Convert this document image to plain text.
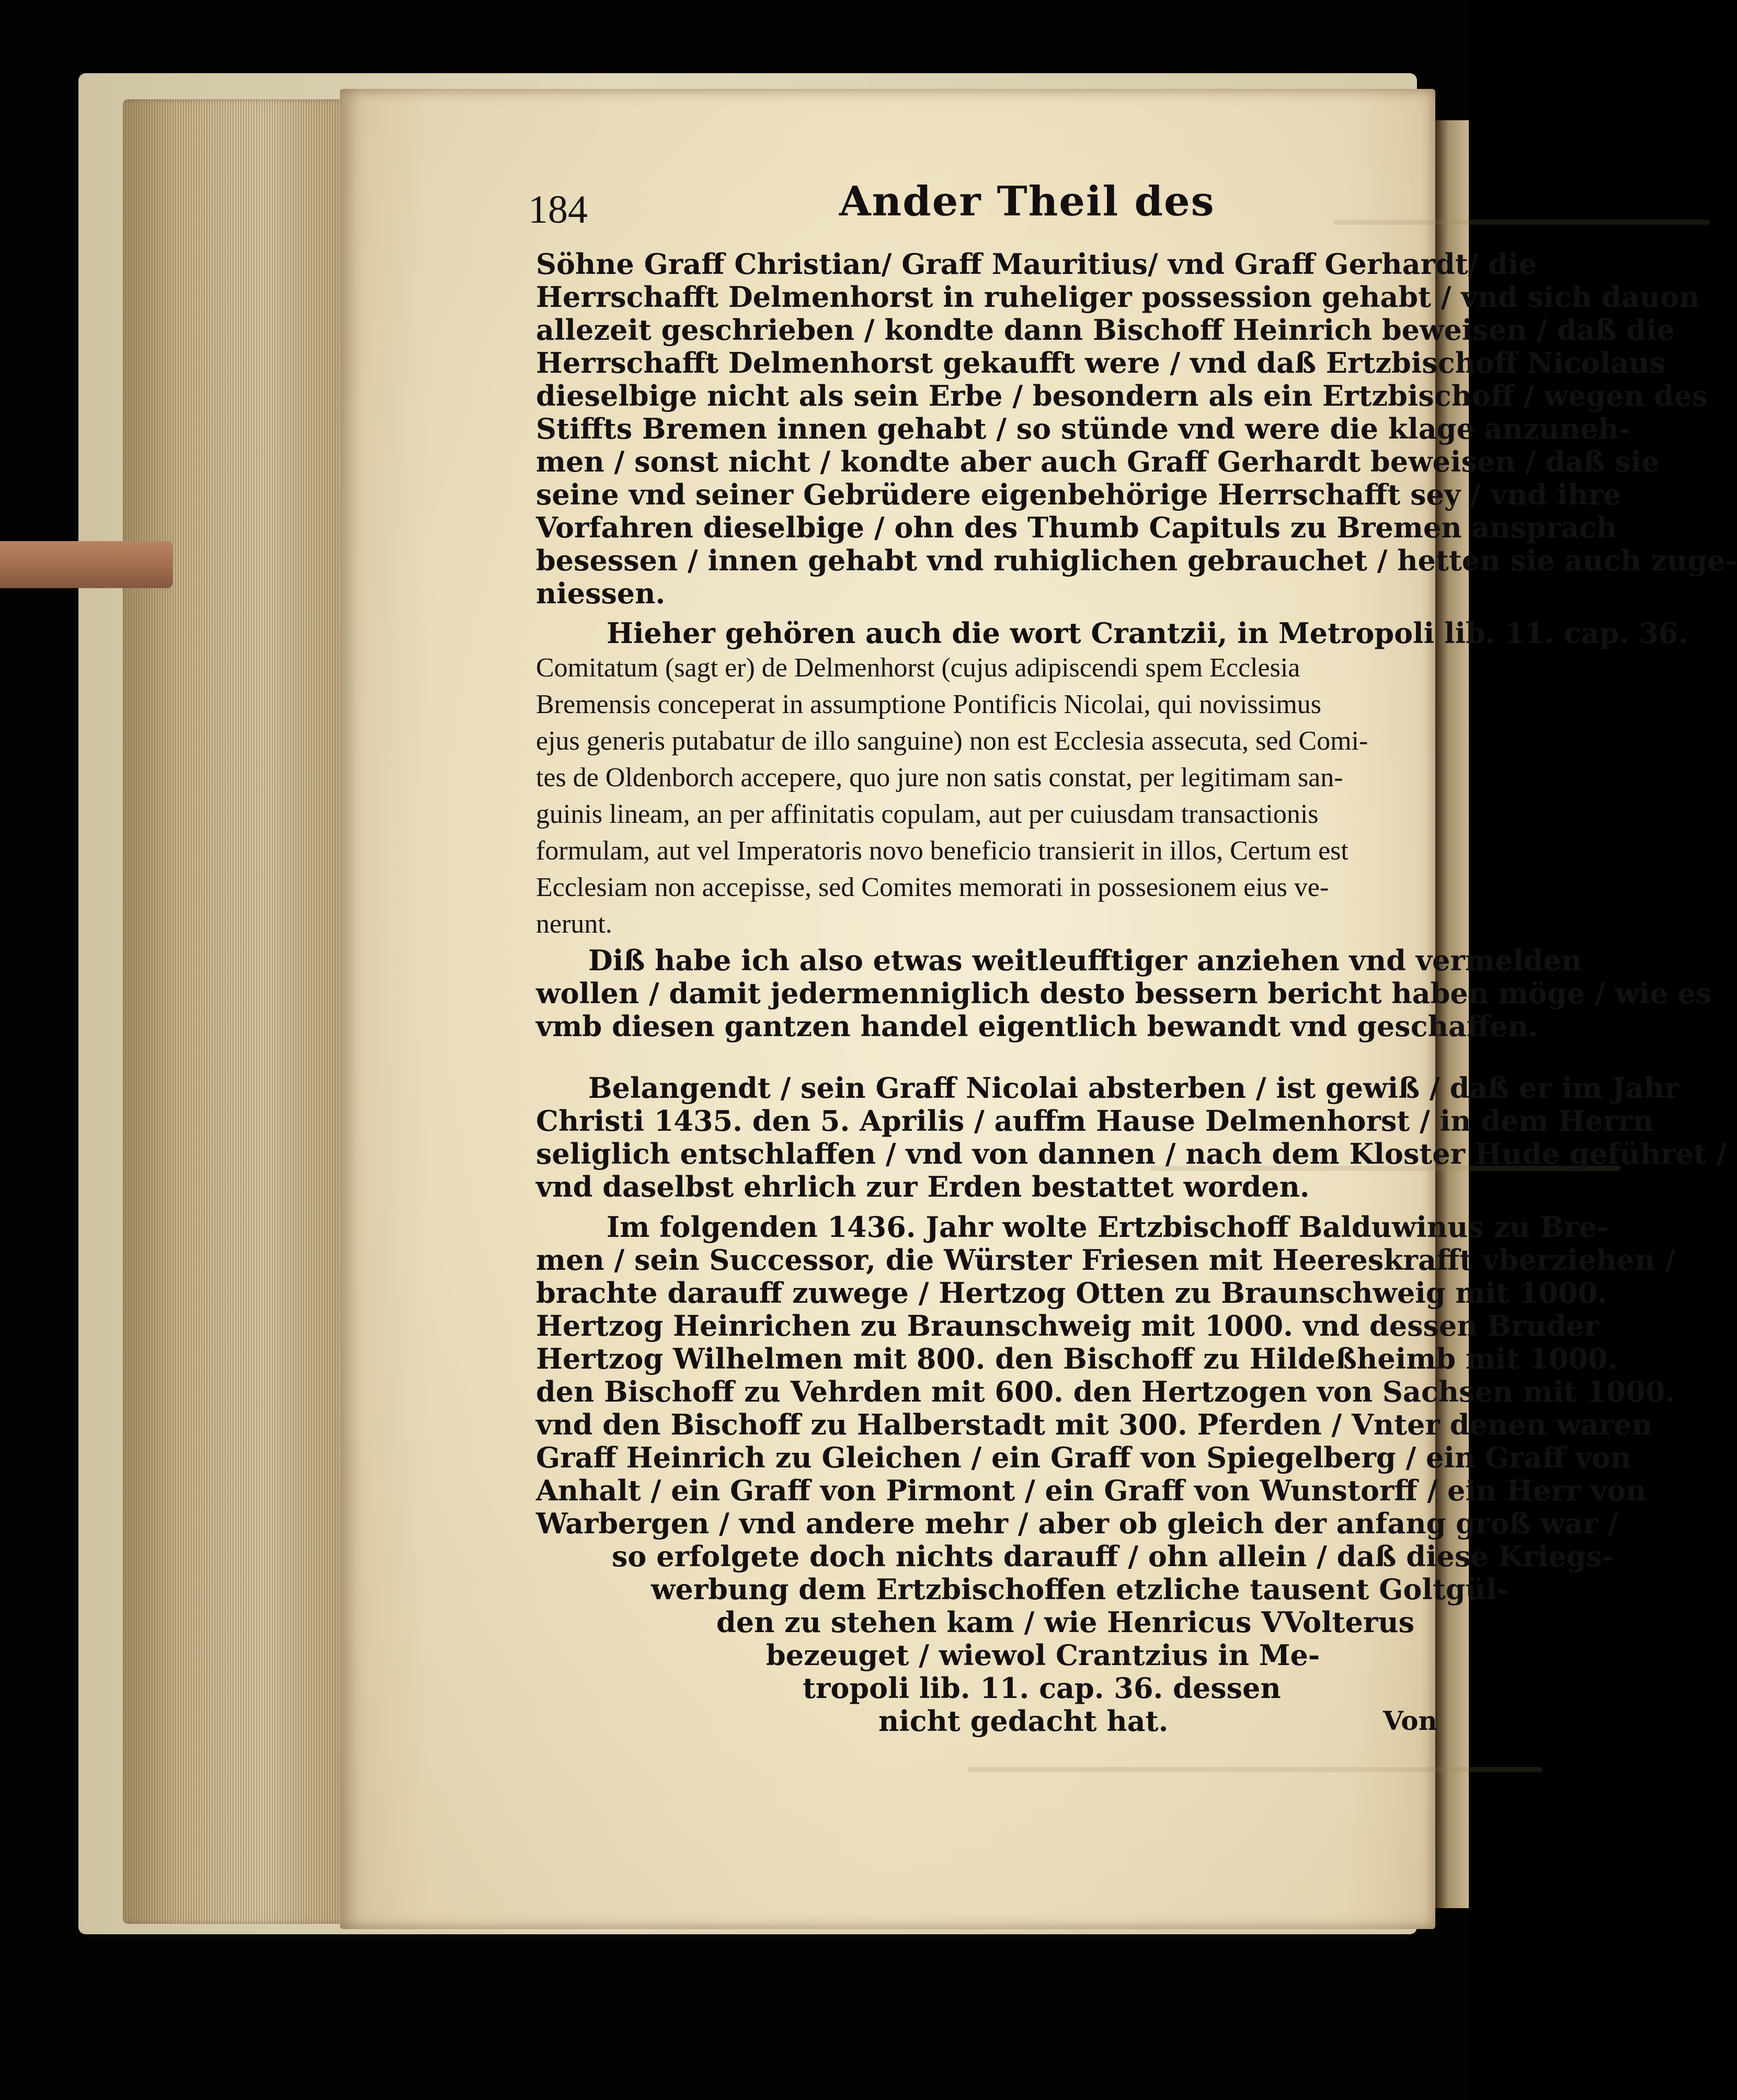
184	Ander Theil des
Söhne Graff Christian/ Graff Mauritius/ vnd Graff Gerhardt/ die
Herrschafft Delmenhorst in ruheliger possession gehabt / vnd sich dauon
allezeit geschrieben / kondte dann Bischoff Heinrich beweisen / daß die
Herrschafft Delmenhorst gekaufft were / vnd daß Ertzbischoff Nicolaus
dieselbige nicht als sein Erbe / besondern als ein Ertzbischoff / wegen des
Stiffts Bremen innen gehabt / so stünde vnd were die klage anzuneh-
men / sonst nicht / kondte aber auch Graff Gerhardt beweisen / daß sie
seine vnd seiner Gebrüdere eigenbehörige Herrschafft sey / vnd ihre
Vorfahren dieselbige / ohn des Thumb Capituls zu Bremen ansprach
besessen / innen gehabt vnd ruhiglichen gebrauchet / hetten sie auch zuge-
niessen.
Hieher gehören auch die wort Crantzii, in Metropoli lib. 11. cap. 36.
Comitatum (sagt er) de Delmenhorst (cujus adipiscendi spem Ecclesia
Bremensis conceperat in assumptione Pontificis Nicolai, qui novissimus
ejus generis putabatur de illo sanguine) non est Ecclesia assecuta, sed Comi-
tes de Oldenborch accepere, quo jure non satis constat, per legitimam san-
guinis lineam, an per affinitatis copulam, aut per cuiusdam transactionis
formulam, aut vel Imperatoris novo beneficio transierit in illos, Certum est
Ecclesiam non accepisse, sed Comites memorati in possesionem eius ve-
nerunt.
Diß habe ich also etwas weitleufftiger anziehen vnd vermelden
wollen / damit jedermenniglich desto bessern bericht haben möge / wie es
vmb diesen gantzen handel eigentlich bewandt vnd geschaffen.
Belangendt / sein Graff Nicolai absterben / ist gewiß / daß er im Jahr
Christi 1435. den 5. Aprilis / auffm Hause Delmenhorst / in dem Herrn
seliglich entschlaffen / vnd von dannen / nach dem Kloster Hude geführet /
vnd daselbst ehrlich zur Erden bestattet worden.
Im folgenden 1436. Jahr wolte Ertzbischoff Balduwinus zu Bre-
men / sein Successor, die Würster Friesen mit Heereskrafft vberziehen /
brachte darauff zuwege / Hertzog Otten zu Braunschweig mit 1000.
Hertzog Heinrichen zu Braunschweig mit 1000. vnd dessen Bruder
Hertzog Wilhelmen mit 800. den Bischoff zu Hildeßheimb mit 1000.
den Bischoff zu Vehrden mit 600. den Hertzogen von Sachsen mit 1000.
vnd den Bischoff zu Halberstadt mit 300. Pferden / Vnter denen waren
Graff Heinrich zu Gleichen / ein Graff von Spiegelberg / ein Graff von
Anhalt / ein Graff von Pirmont / ein Graff von Wunstorff / ein Herr von
Warbergen / vnd andere mehr / aber ob gleich der anfang groß war /
so erfolgete doch nichts darauff / ohn allein / daß diese Kriegs-
werbung dem Ertzbischoffen etzliche tausent Goltgül-
den zu stehen kam / wie Henricus VVolterus
bezeuget / wiewol Crantzius in Me-
tropoli lib. 11. cap. 36. dessen
nicht gedacht hat.	Von
